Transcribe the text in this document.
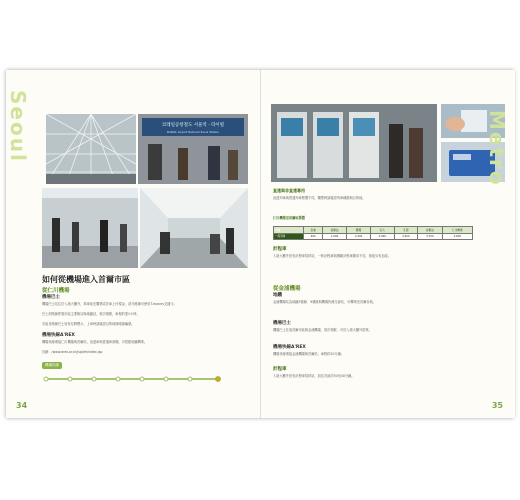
Seoul	코레일공항철도 서울역 · 타이빌
KORAIL Airport Railroad Seoul Station
如何從機場進入首爾市區
從仁川機場
機場巴士
機場巴士站位於入境大廳外，乘車前先購票或於車上付現金，部分路線可使用T-money交通卡。
巴士依路線停靠市區主要飯店與地鐵站，班次頻繁，車程約需1小時。
市區各路線巴士皆有站牌標示，上車時請確認目的地與路線編號。
機場快線A'REX
機場快線連接仁川機場與首爾站，直達車與普通車兩種，可搭配地鐵轉乘。
官網：/www.arex.or.kr/jsp/eh/index.jsp
機場快線
34
直達與非直達專用
直達列車與普通列車票價不同，購票時請確認列車種類與目的地。
仁川機場至首爾站票價
車種	金浦	首爾站	數碼	弘大	孔德	首爾站	仁川機場
一般列車	900	1,000	2,300	3,000	3,200	3,700	3,800
計程車
入境大廳外設有計程車招呼站，一般計程車與模範計程車費用不同，深夜另有加成。
從金浦機場
地鐵
金浦機場站為地鐵5號線、9號線與機場快線交會站，可轉乘至首爾各地。
機場巴士
機場巴士往返首爾市區與金浦機場，班次頻繁，可於入境大廳外搭乘。
機場快線A'REX
機場快線連接金浦機場與首爾站，車程約20分鐘。
計程車
入境大廳外設有計程車招呼站，前往市區約30至40分鐘。
Metro
35
